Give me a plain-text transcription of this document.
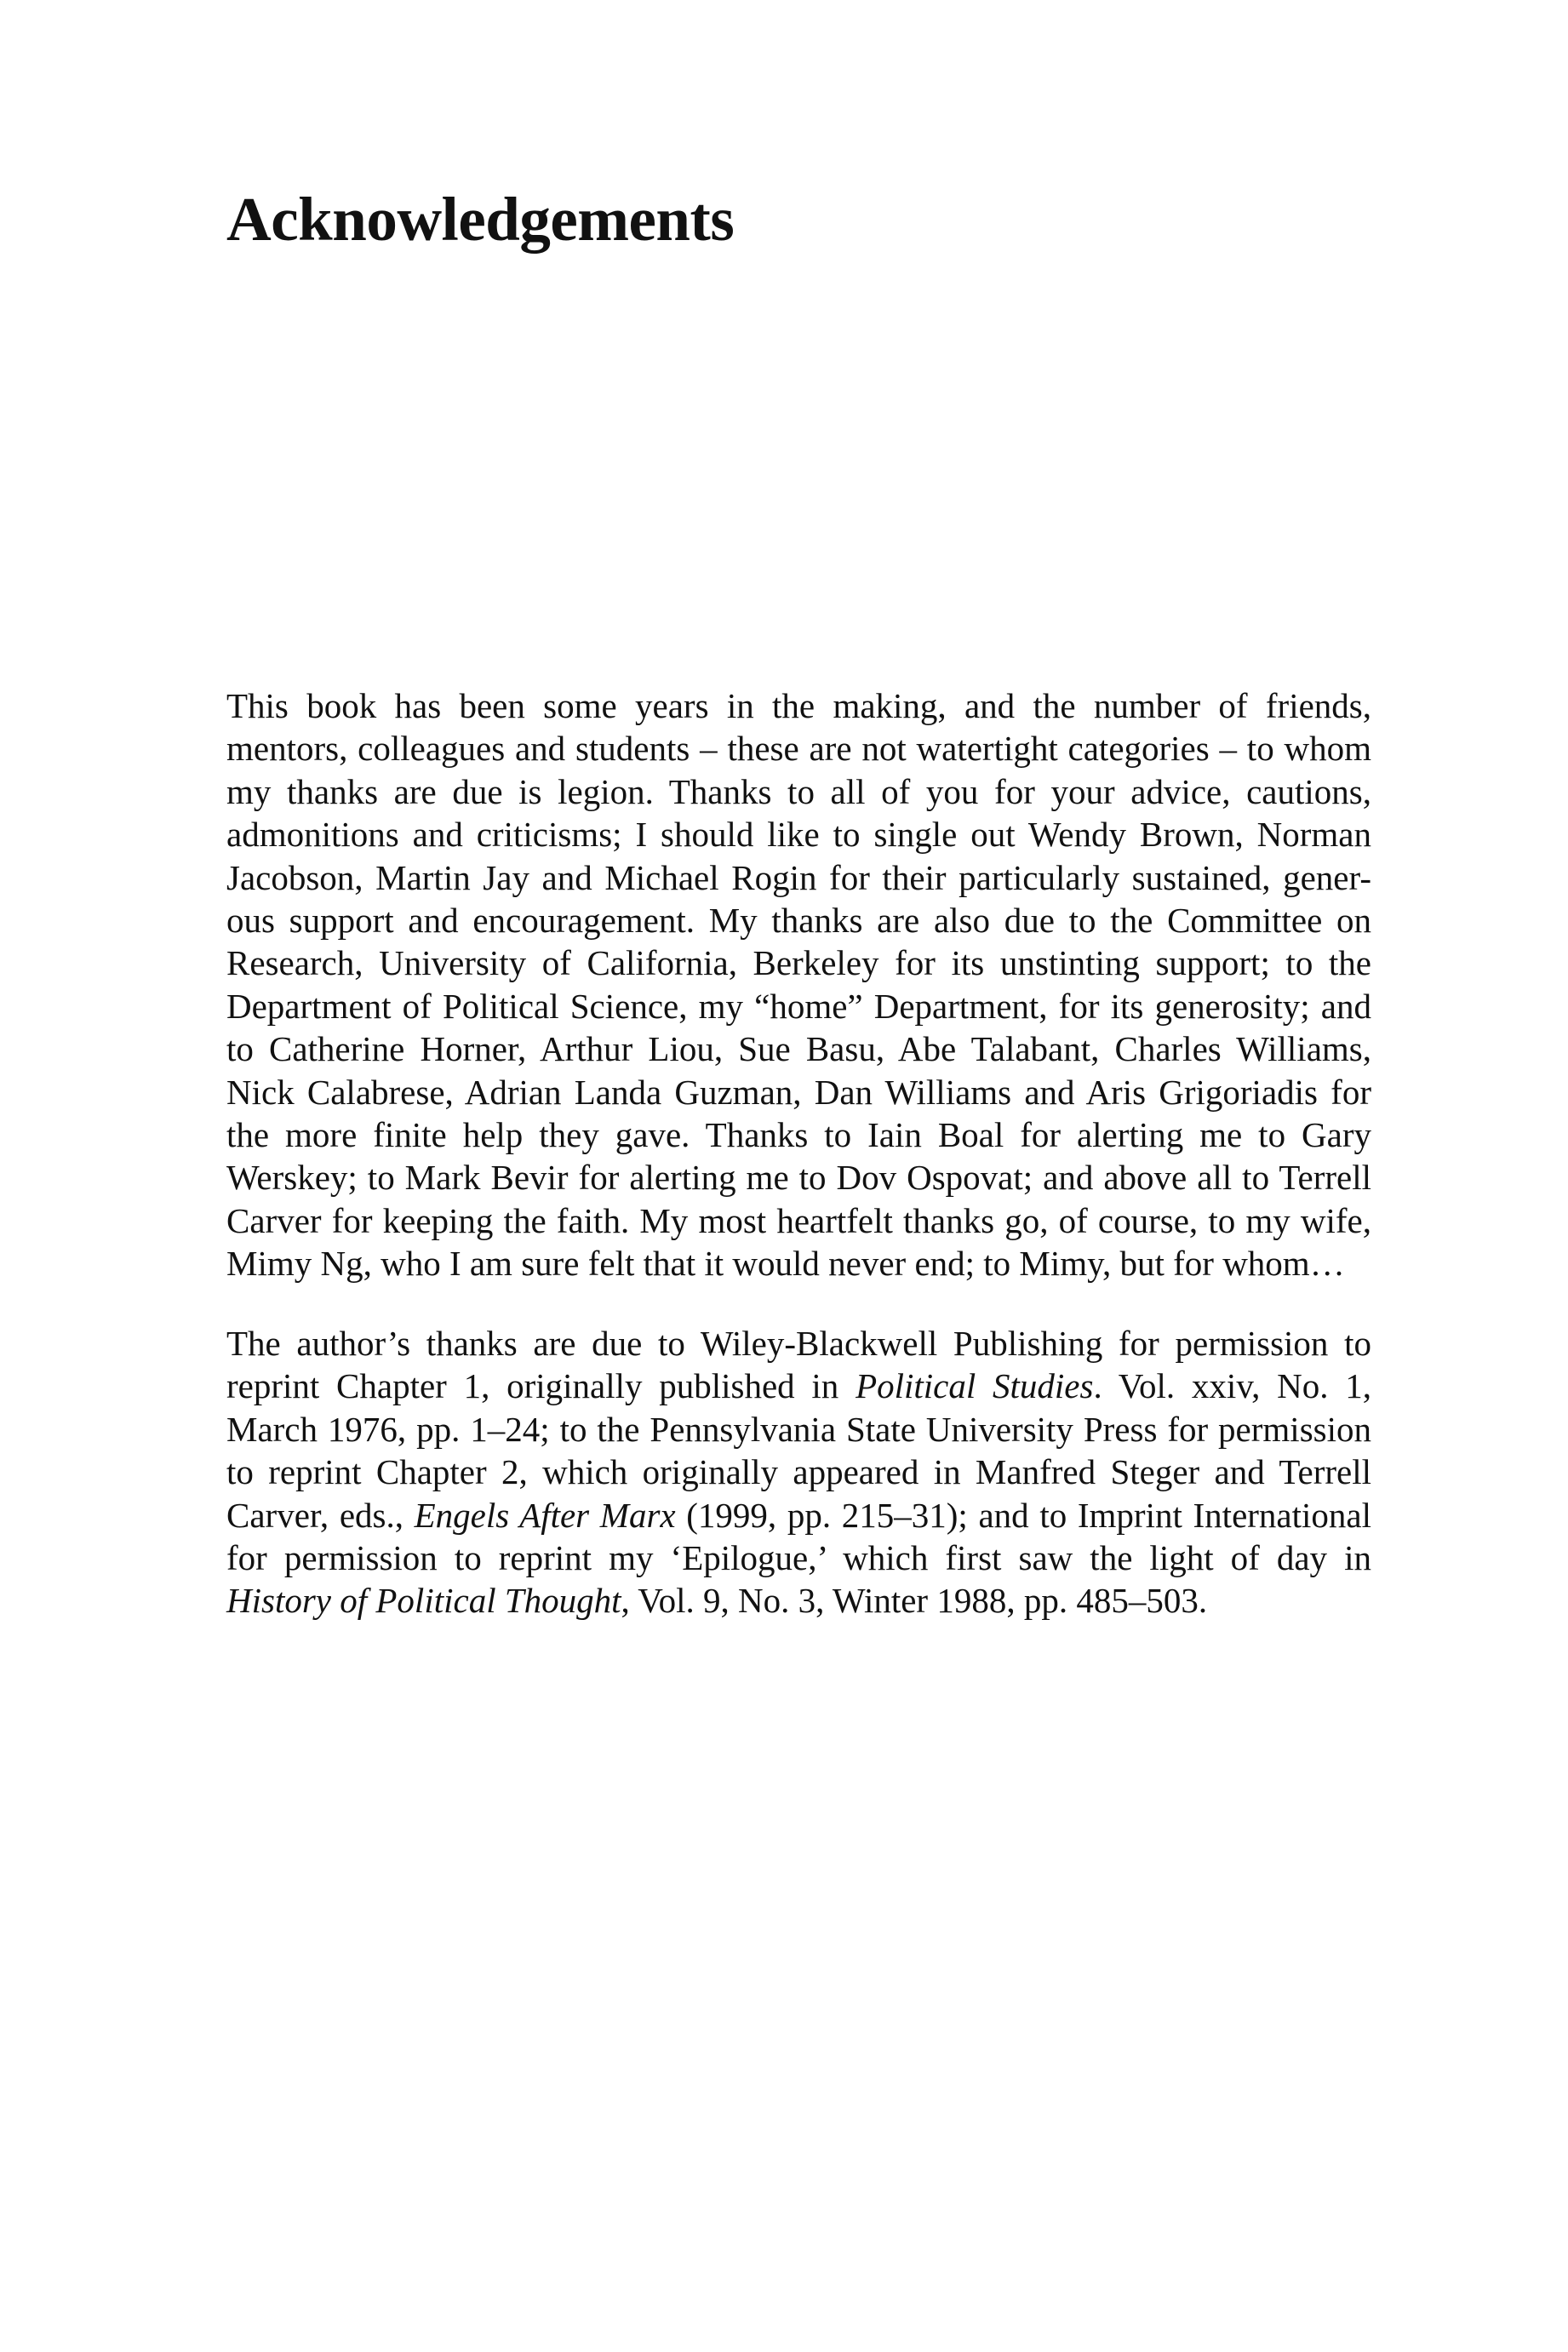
Acknowledgements
This book has been some years in the making, and the number of friends,
mentors, colleagues and students – these are not watertight categories – to whom
my thanks are due is legion. Thanks to all of you for your advice, cautions,
admonitions and criticisms; I should like to single out Wendy Brown, Norman
Jacobson, Martin Jay and Michael Rogin for their particularly sustained, gener-
ous support and encouragement. My thanks are also due to the Committee on
Research, University of California, Berkeley for its unstinting support; to the
Department of Political Science, my “home” Department, for its generosity; and
to Catherine Horner, Arthur Liou, Sue Basu, Abe Talabant, Charles Williams,
Nick Calabrese, Adrian Landa Guzman, Dan Williams and Aris Grigoriadis for
the more finite help they gave. Thanks to Iain Boal for alerting me to Gary
Werskey; to Mark Bevir for alerting me to Dov Ospovat; and above all to Terrell
Carver for keeping the faith. My most heartfelt thanks go, of course, to my wife,
Mimy Ng, who I am sure felt that it would never end; to Mimy, but for whom…
The author’s thanks are due to Wiley-Blackwell Publishing for permission to
reprint Chapter 1, originally published in Political Studies. Vol. xxiv, No. 1,
March 1976, pp. 1–24; to the Pennsylvania State University Press for permission
to reprint Chapter 2, which originally appeared in Manfred Steger and Terrell
Carver, eds., Engels After Marx (1999, pp. 215–31); and to Imprint International
for permission to reprint my ‘Epilogue,’ which first saw the light of day in
History of Political Thought, Vol. 9, No. 3, Winter 1988, pp. 485–503.
